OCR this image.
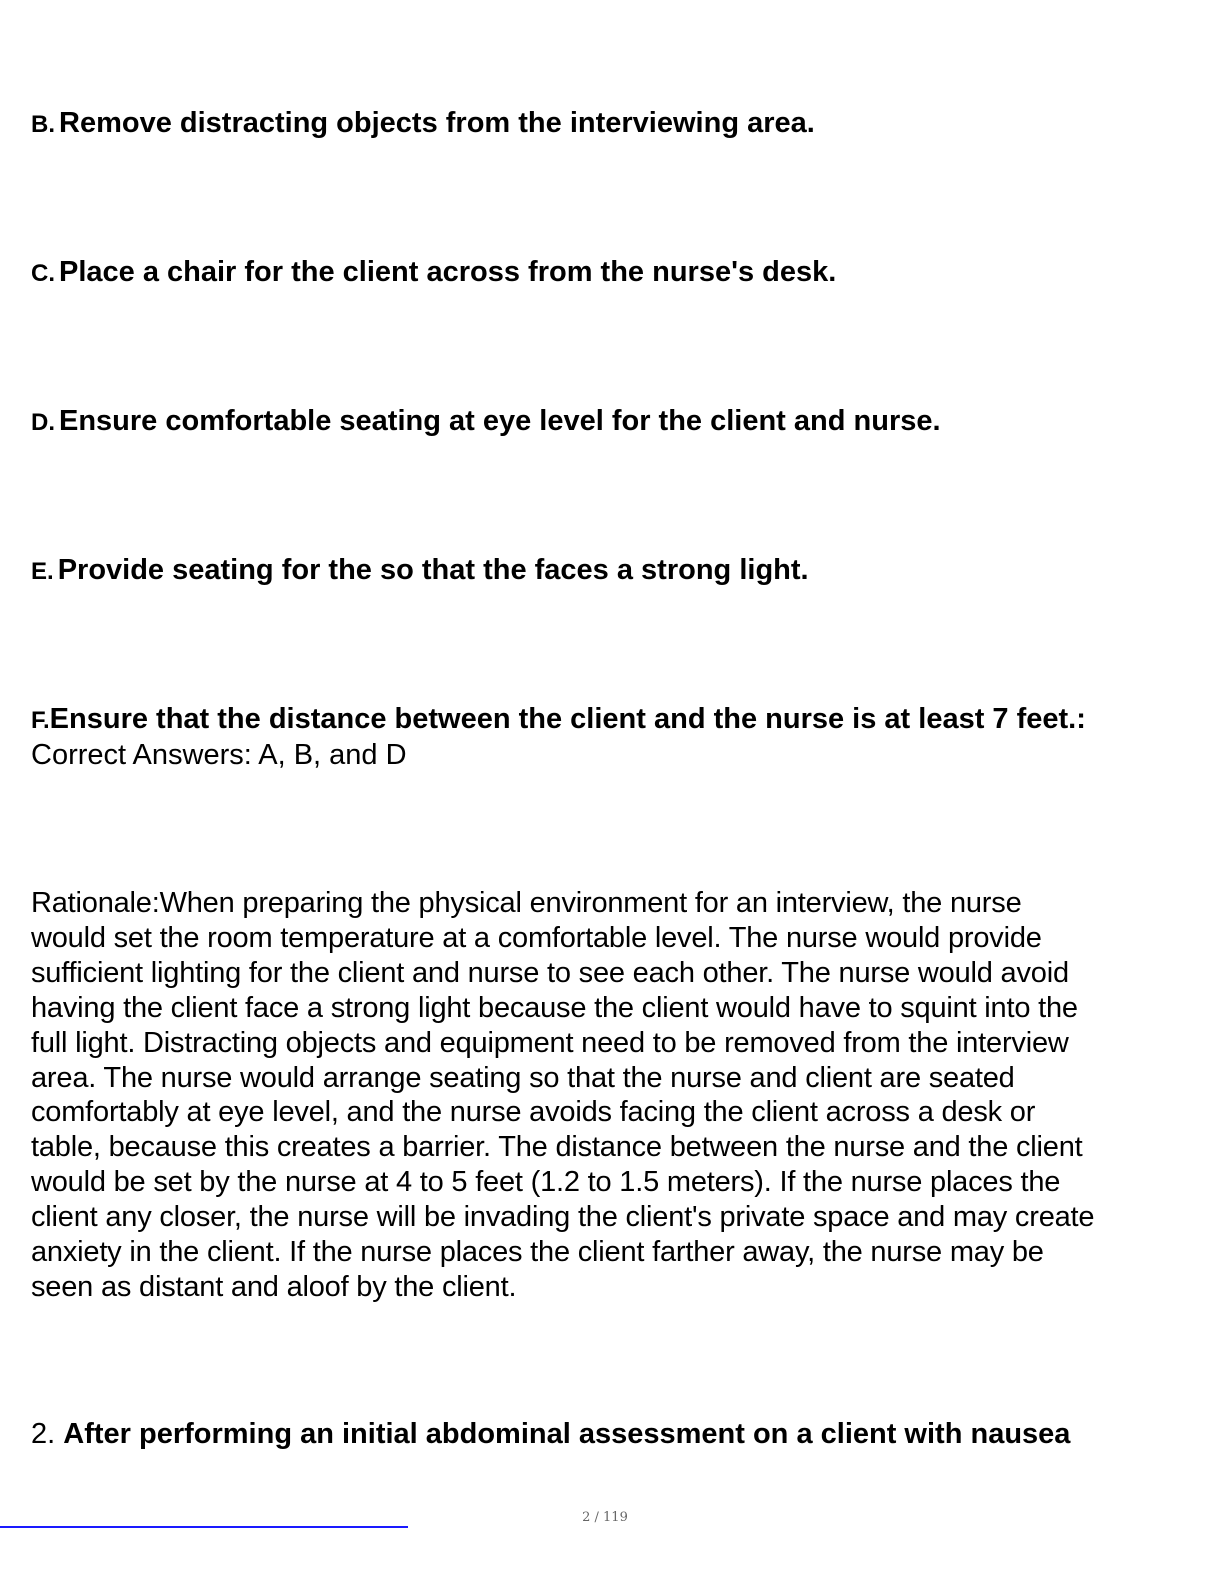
B. Remove distracting objects from the interviewing area.
C. Place a chair for the client across from the nurse's desk.
D. Ensure comfortable seating at eye level for the client and nurse.
E. Provide seating for the so that the faces a strong light.
F.Ensure that the distance between the client and the nurse is at least 7 feet.: Correct Answers: A, B, and D
Rationale:When preparing the physical environment for an interview, the nurse
would set the room temperature at a comfortable level. The nurse would provide
sufficient lighting for the client and nurse to see each other. The nurse would avoid
having the client face a strong light because the client would have to squint into the
full light. Distracting objects and equipment need to be removed from the interview
area. The nurse would arrange seating so that the nurse and client are seated
comfortably at eye level, and the nurse avoids facing the client across a desk or
table, because this creates a barrier. The distance between the nurse and the client
would be set by the nurse at 4 to 5 feet (1.2 to 1.5 meters). If the nurse places the
client any closer, the nurse will be invading the client's private space and may create
anxiety in the client. If the nurse places the client farther away, the nurse may be
seen as distant and aloof by the client.
2. After performing an initial abdominal assessment on a client with nausea
2 / 119
